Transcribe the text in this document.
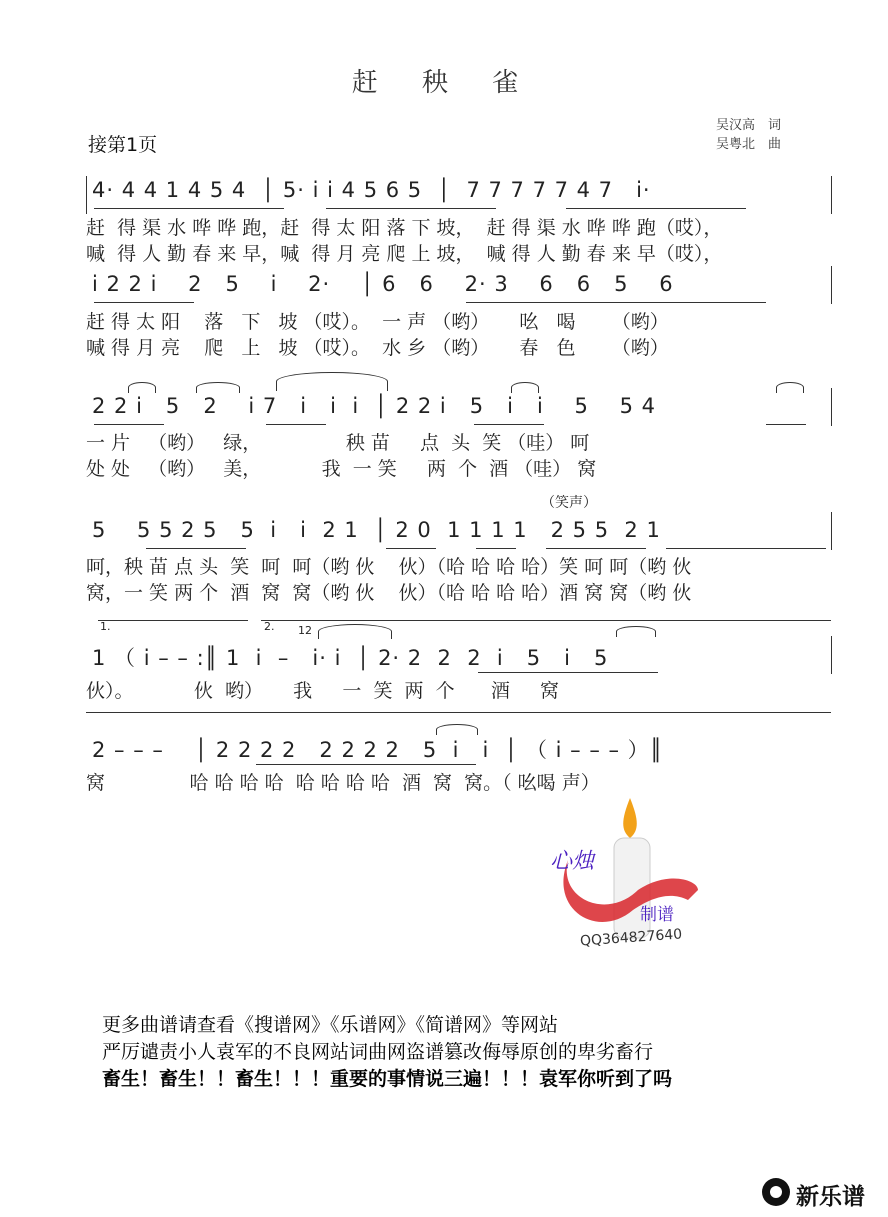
赶 秧 雀
吴汉高　词
吴粤北　曲
接第1页
4· 4 4 1 4 5 4  │ 5· i i 4 5 6 5  │  7 7 7 7 7 4 7   i·
赶  得 渠 水 哗 哗 跑，赶  得 太 阳 落 下 坡，  赶 得 渠 水 哗 哗 跑（哎），
喊  得 人 勤 春 来 早，喊  得 月 亮 爬 上 坡，  喊 得 人 勤 春 来 早（哎），
i 2 2 i    2   5    i    2·    │ 6   6    2· 3    6   6   5    6
赶 得 太 阳    落   下   坡 （哎）。  一 声 （哟）     吆   喝      （哟）
喊 得 月 亮    爬   上   坡 （哎）。  水 乡 （哟）     春   色      （哟）
2 2 i   5   2    i 7   i   i  i  │ 2 2 i   5   i   i    5    5 4
一 片   （哟）   绿，              秧 苗     点  头  笑 （哇） 呵
处 处   （哟）   美，          我  一 笑     两  个  酒 （哇） 窝
（笑声）
5    5 5 2 5   5  i   i  2 1  │ 2 0  1 1 1 1   2 5 5  2 1
呵，秧 苗 点 头  笑  呵  呵（哟 伙    伙）（哈 哈 哈 哈）笑 呵 呵（哟 伙
窝，一 笑 两 个  酒  窝  窝（哟 伙    伙）（哈 哈 哈 哈）酒 窝 窝（哟 伙
1.	2. 12
1 （ i – – :║ 1  i  –   i· i  │ 2· 2  2  2  i   5   i   5
伙）。          伙  哟）     我     一  笑  两  个      酒     窝
2 – – –    │ 2 2 2 2   2 2 2 2   5  i   i  │ （ i – – – ）║
窝              哈 哈 哈 哈  哈 哈 哈 哈  酒  窝  窝。（ 吆喝 声）
心烛
制谱
QQ364827640
更多曲谱请查看《搜谱网》《乐谱网》《简谱网》等网站
严厉谴责小人袁军的不良网站词曲网盗谱篡改侮辱原创的卑劣畜行
畜生！畜生！！畜生！！！重要的事情说三遍！！！袁军你听到了吗
新乐谱
